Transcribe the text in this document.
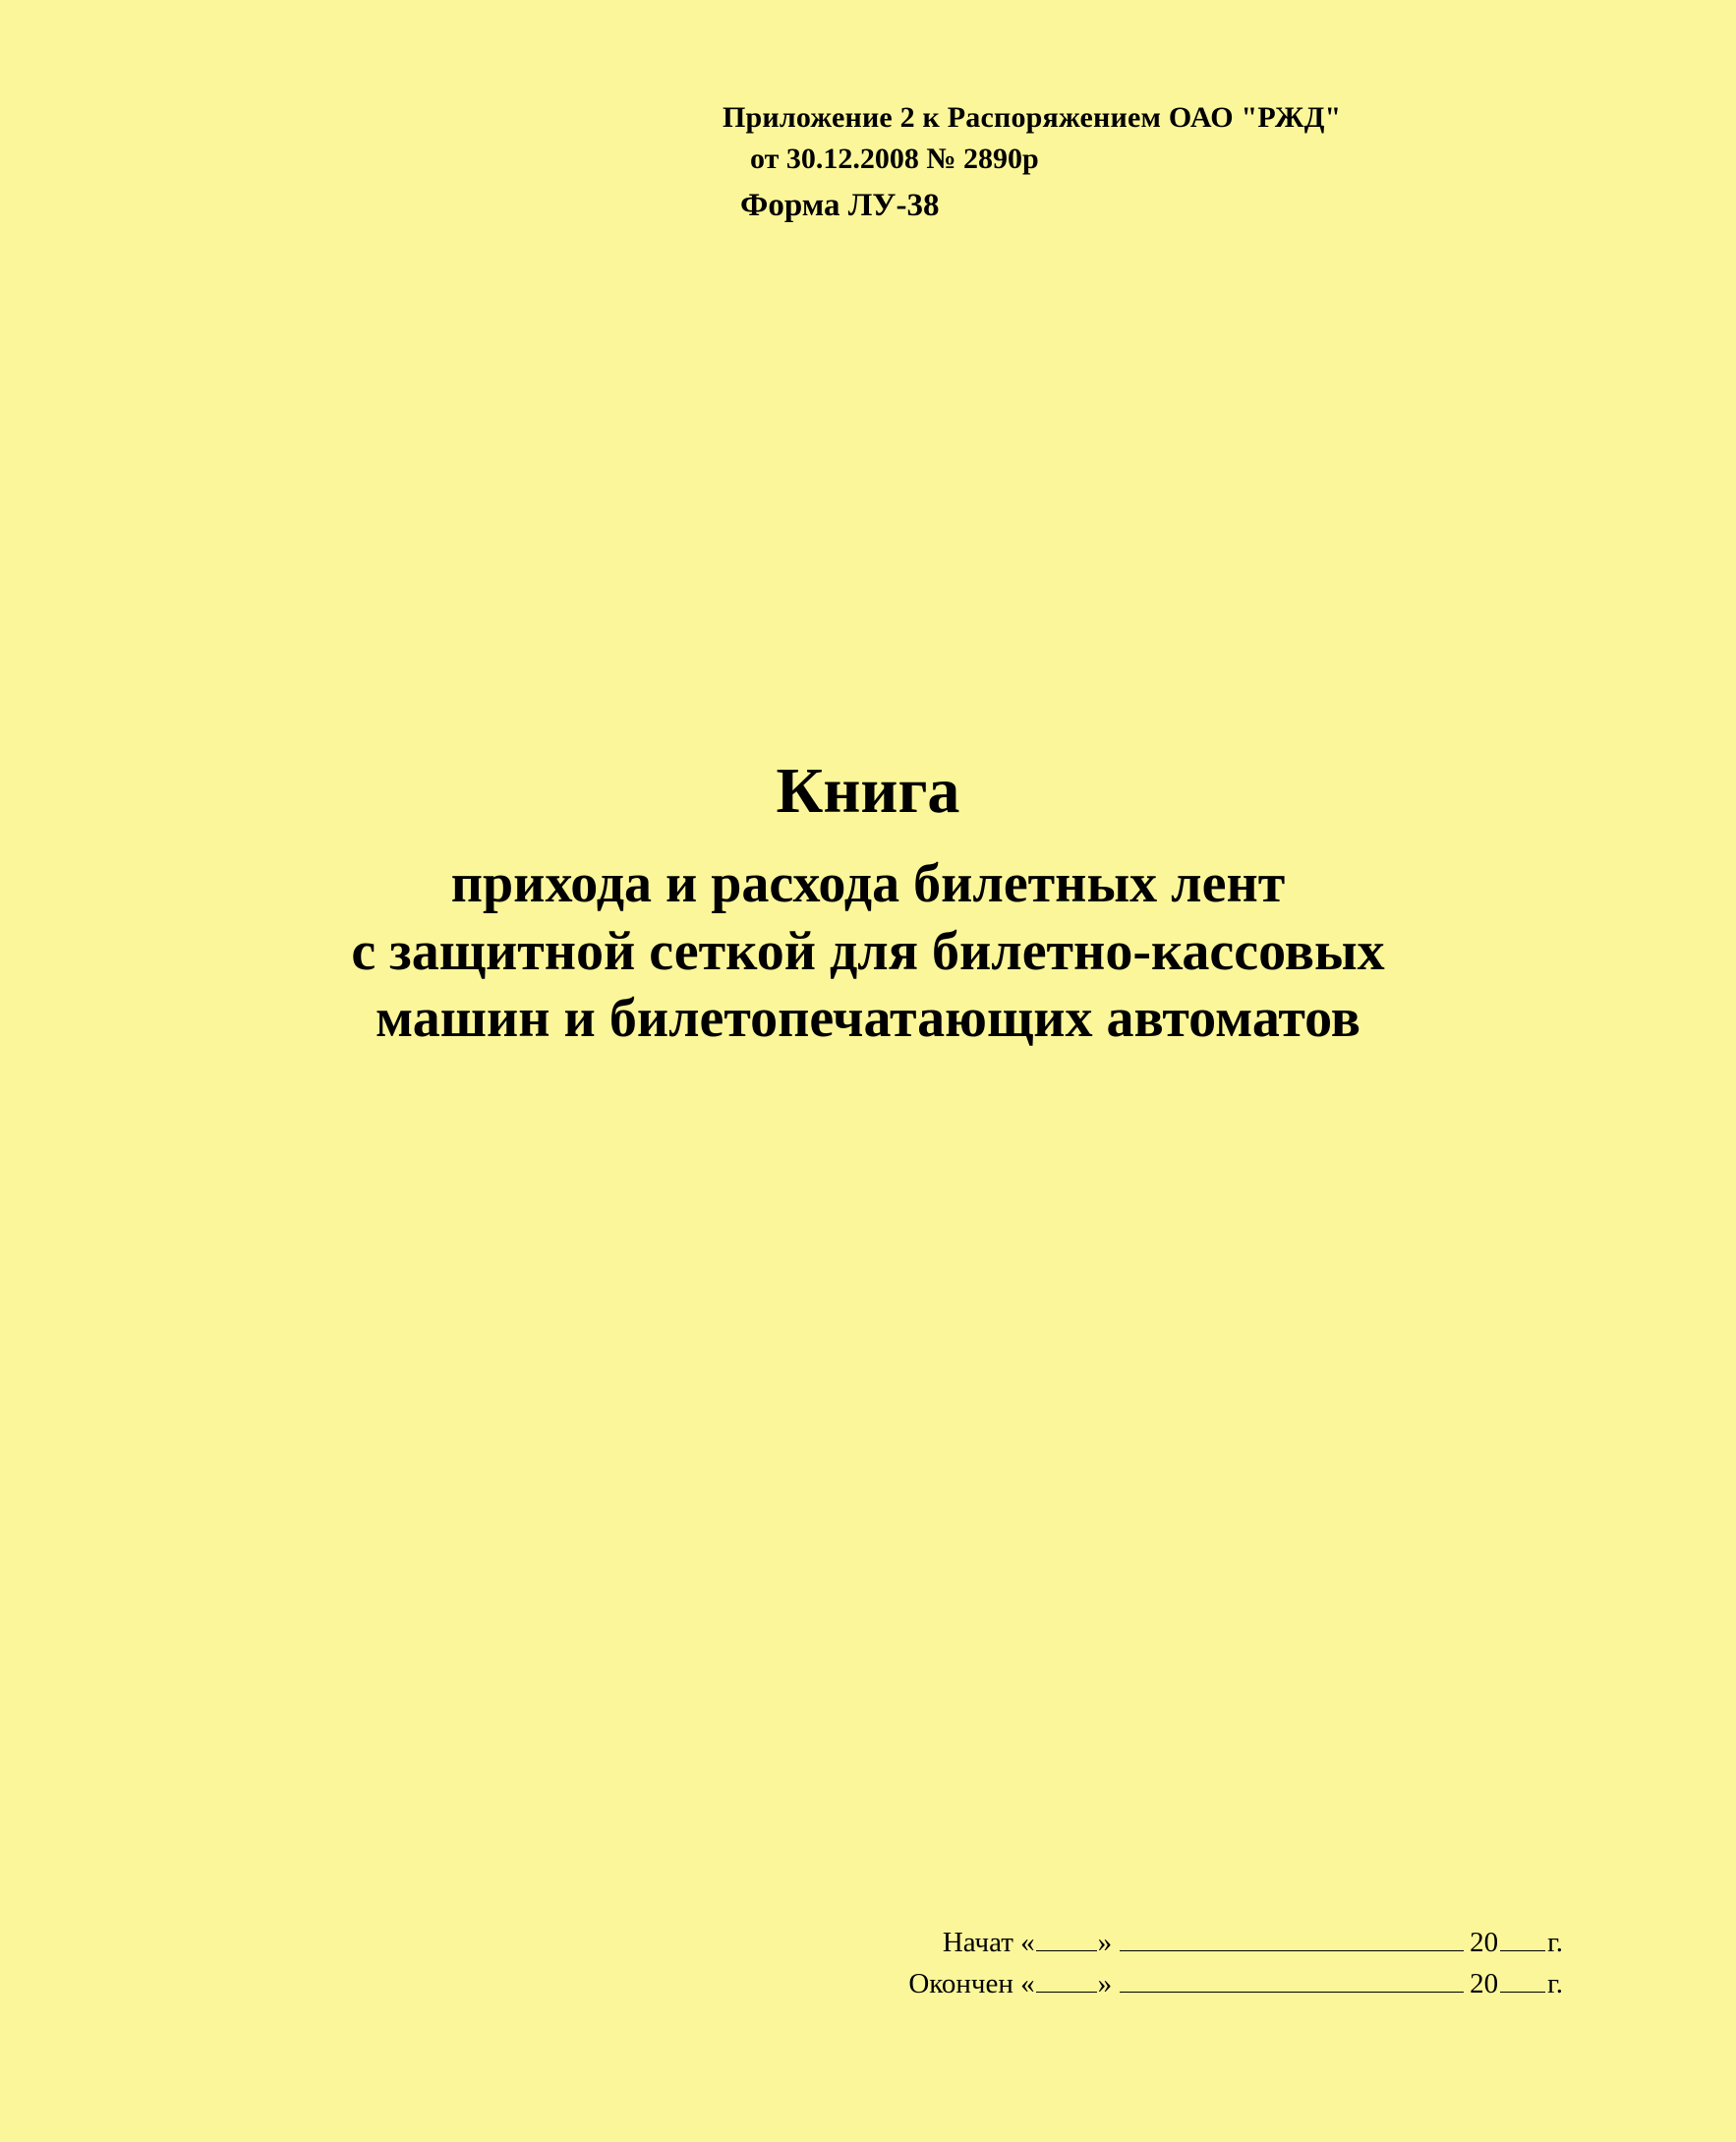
Приложение 2 к Распоряжением ОАО "РЖД"
от 30.12.2008 № 2890р
Форма ЛУ-38
Книга
прихода и расхода билетных лент
с защитной сеткой для билетно-кассовых
машин и билетопечатающих автоматов
Начат « »	20 г.
Окончен « »	20 г.
